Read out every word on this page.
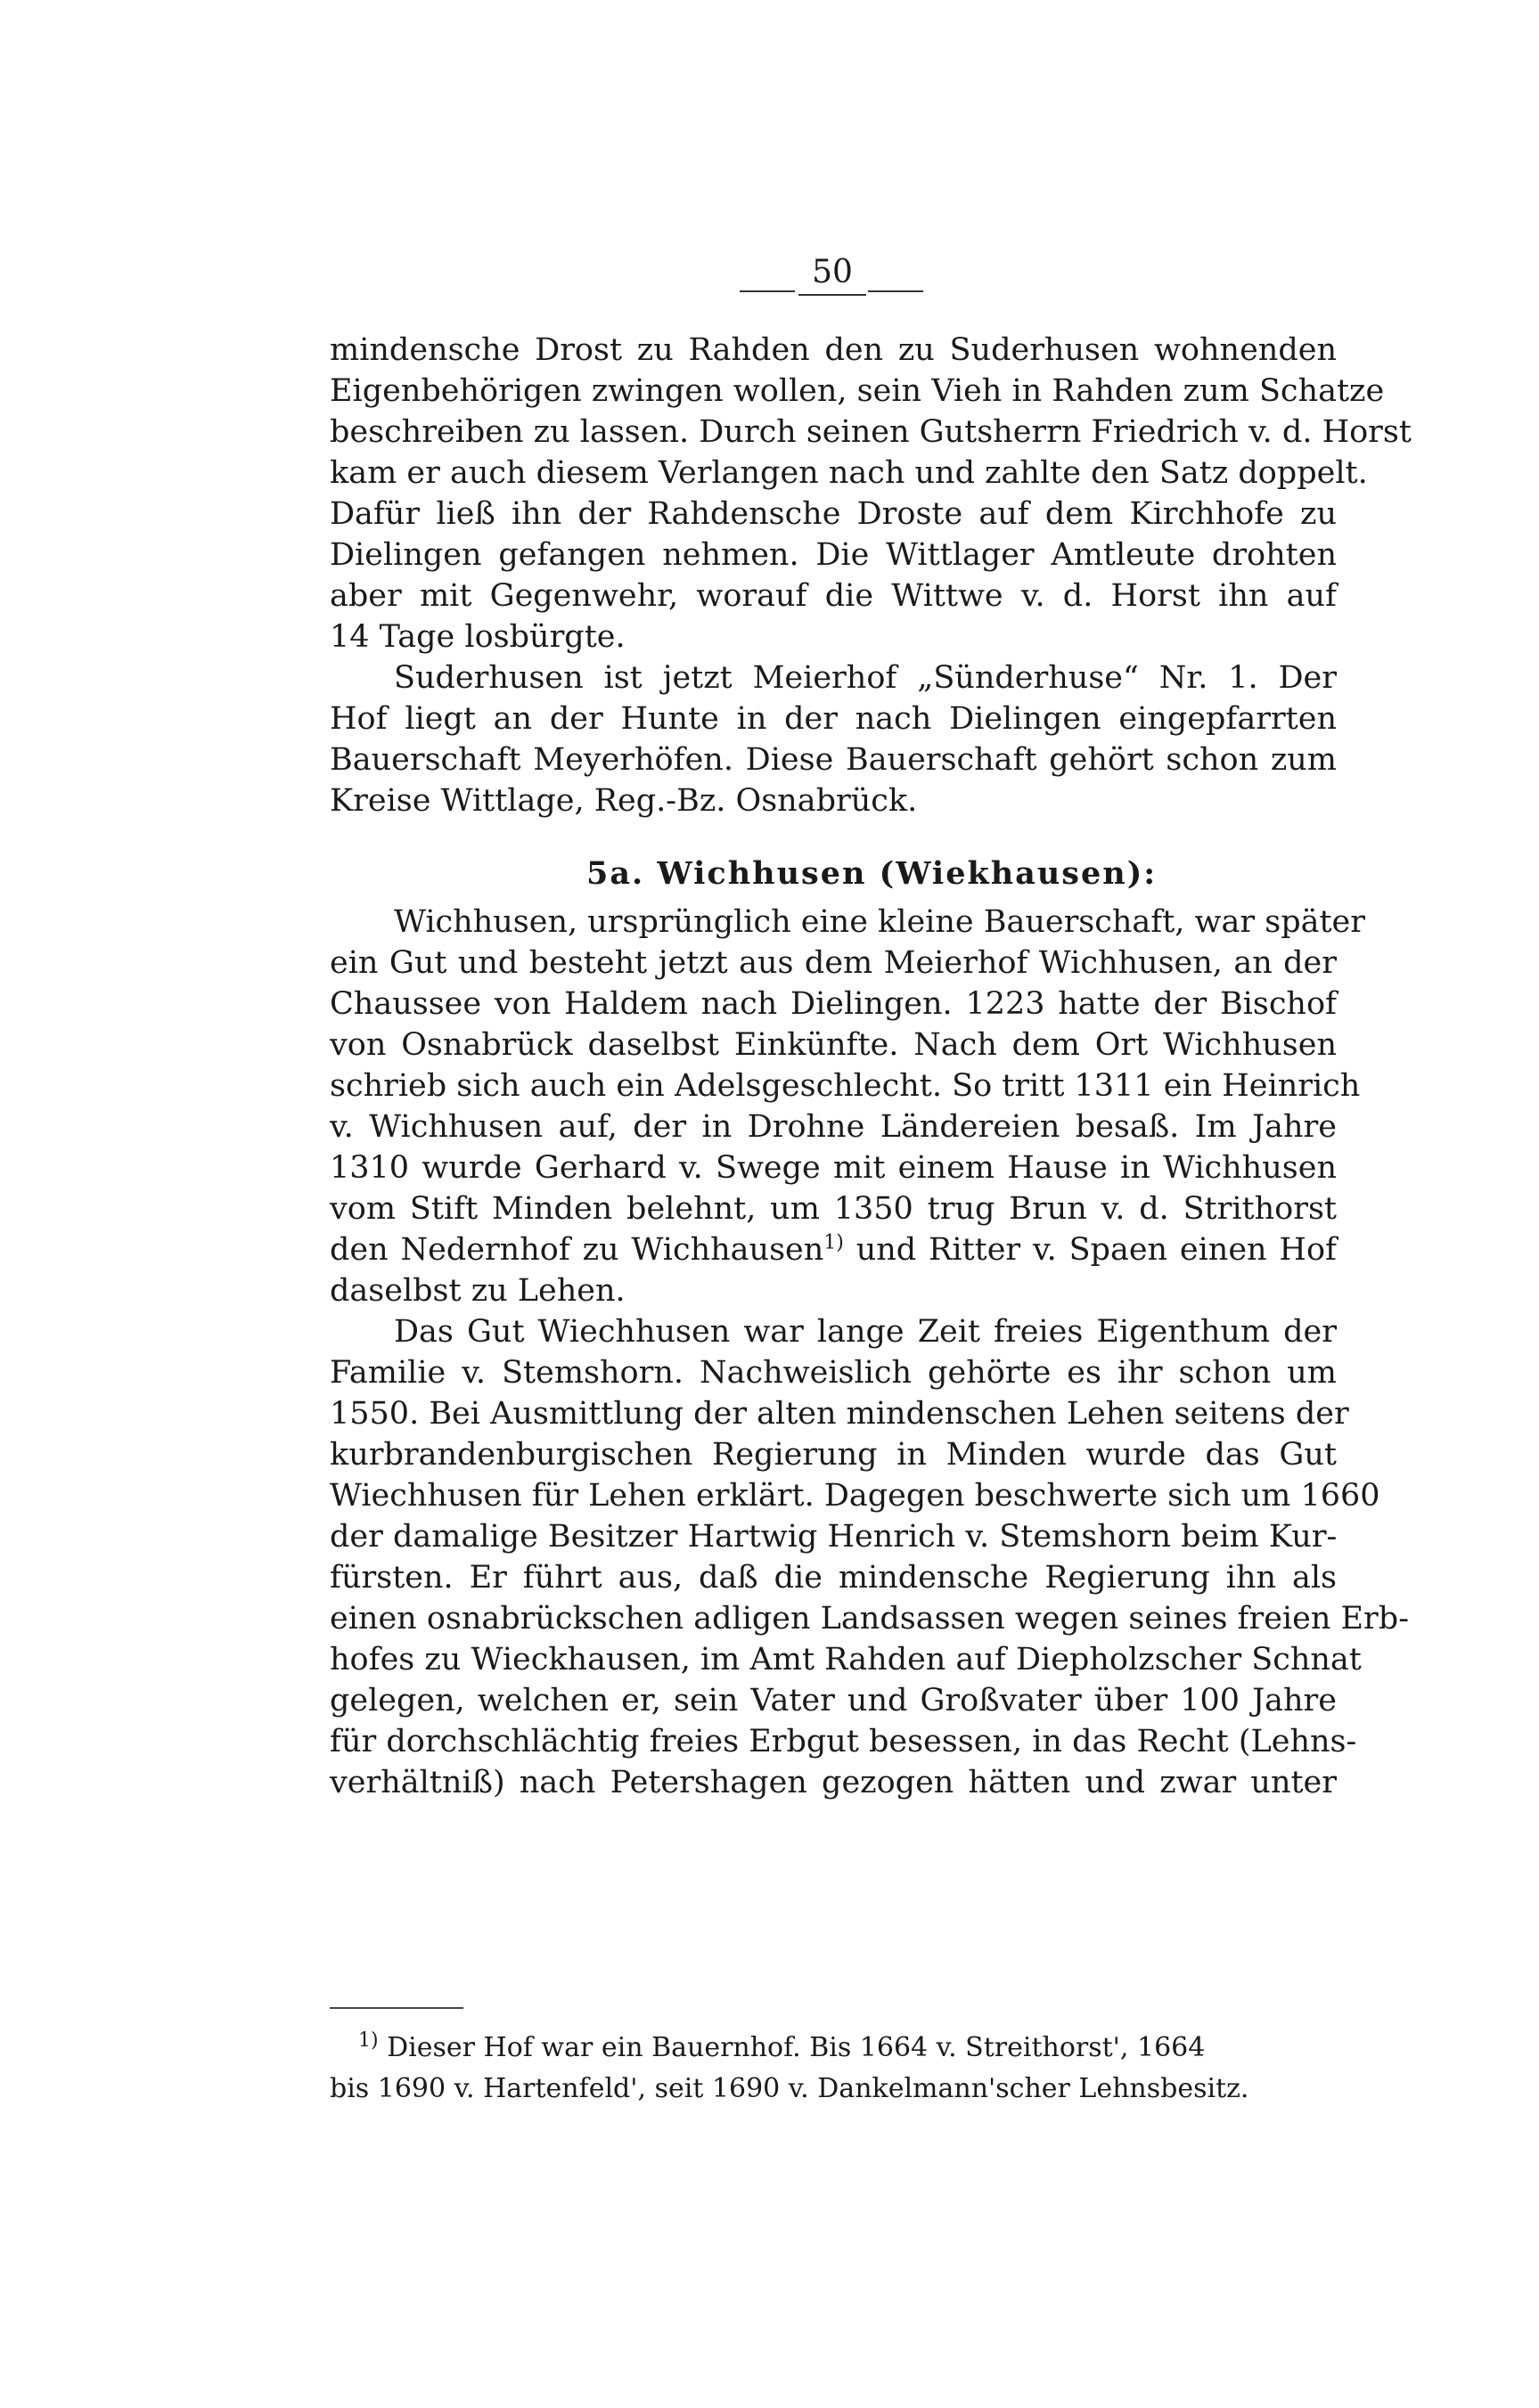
50

mindensche Drost zu Rahden den zu Suderhusen wohnenden
Eigenbehörigen zwingen wollen, sein Vieh in Rahden zum Schatze
beschreiben zu lassen. Durch seinen Gutsherrn Friedrich v. d. Horst
kam er auch diesem Verlangen nach und zahlte den Satz doppelt.
Dafür ließ ihn der Rahdensche Droste auf dem Kirchhofe zu
Dielingen gefangen nehmen. Die Wittlager Amtleute drohten
aber mit Gegenwehr, worauf die Wittwe v. d. Horst ihn auf
14 Tage losbürgte.

Suderhusen ist jetzt Meierhof „Sünderhuse“ Nr. 1. Der
Hof liegt an der Hunte in der nach Dielingen eingepfarrten
Bauerschaft Meyerhöfen. Diese Bauerschaft gehört schon zum
Kreise Wittlage, Reg.-Bz. Osnabrück.

5a. Wichhusen (Wiekhausen):

Wichhusen, ursprünglich eine kleine Bauerschaft, war später
ein Gut und besteht jetzt aus dem Meierhof Wichhusen, an der
Chaussee von Haldem nach Dielingen. 1223 hatte der Bischof
von Osnabrück daselbst Einkünfte. Nach dem Ort Wichhusen
schrieb sich auch ein Adelsgeschlecht. So tritt 1311 ein Heinrich
v. Wichhusen auf, der in Drohne Ländereien besaß. Im Jahre
1310 wurde Gerhard v. Swege mit einem Hause in Wichhusen
vom Stift Minden belehnt, um 1350 trug Brun v. d. Strithorst
den Nedernhof zu Wichhausen$^{1)}$ und Ritter v. Spaen einen Hof
daselbst zu Lehen.

Das Gut Wiechhusen war lange Zeit freies Eigenthum der
Familie v. Stemshorn. Nachweislich gehörte es ihr schon um
1550. Bei Ausmittlung der alten mindenschen Lehen seitens der
kurbrandenburgischen Regierung in Minden wurde das Gut
Wiechhusen für Lehen erklärt. Dagegen beschwerte sich um 1660
der damalige Besitzer Hartwig Henrich v. Stemshorn beim Kur-
fürsten. Er führt aus, daß die mindensche Regierung ihn als
einen osnabrückschen adligen Landsassen wegen seines freien Erb-
hofes zu Wieckhausen, im Amt Rahden auf Diepholzscher Schnat
gelegen, welchen er, sein Vater und Großvater über 100 Jahre
für dorchschlächtig freies Erbgut besessen, in das Recht (Lehns-
verhältniß) nach Petershagen gezogen hätten und zwar unter

$^{1)}$ Dieser Hof war ein Bauernhof. Bis 1664 v. Streithorst', 1664
bis 1690 v. Hartenfeld', seit 1690 v. Dankelmann'scher Lehnsbesitz.
